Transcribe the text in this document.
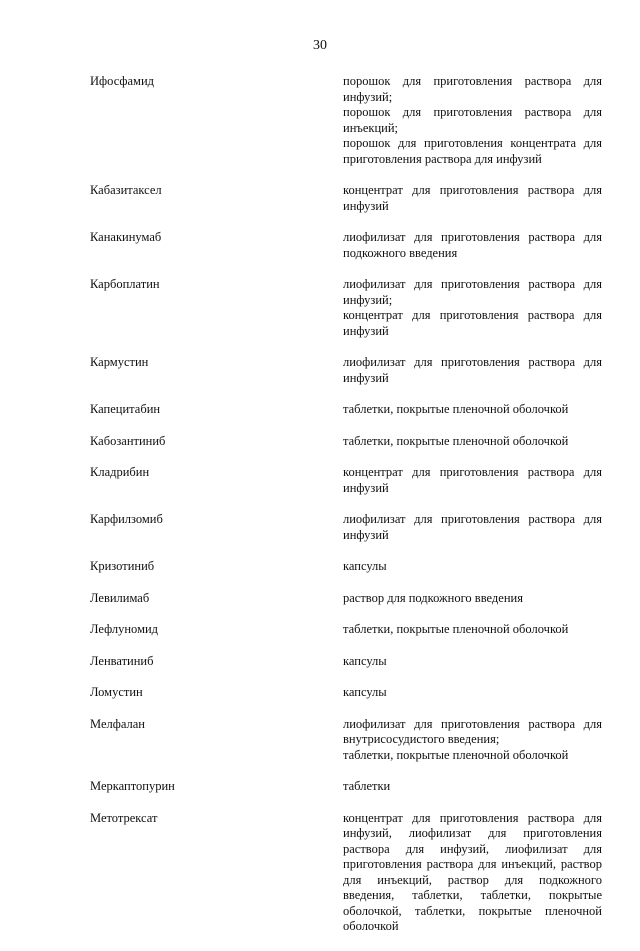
30
Ифосфамид	порошок для приготовления раствора для инфузий;
порошок для приготовления раствора для инъекций;
порошок для приготовления концентрата для приготовления раствора для инфузий
Кабазитаксел	концентрат для приготовления раствора для инфузий
Канакинумаб	лиофилизат для приготовления раствора для подкожного введения
Карбоплатин	лиофилизат для приготовления раствора для инфузий;
концентрат для приготовления раствора для инфузий
Кармустин	лиофилизат для приготовления раствора для инфузий
Капецитабин	таблетки, покрытые пленочной оболочкой
Кабозантиниб	таблетки, покрытые пленочной оболочкой
Кладрибин	концентрат для приготовления раствора для инфузий
Карфилзомиб	лиофилизат для приготовления раствора для инфузий
Кризотиниб	капсулы
Левилимаб	раствор для подкожного введения
Лефлуномид	таблетки, покрытые пленочной оболочкой
Ленватиниб	капсулы
Ломустин	капсулы
Мелфалан	лиофилизат для приготовления раствора для внутрисосудистого введения;
таблетки, покрытые пленочной оболочкой
Меркаптопурин	таблетки
Метотрексат	концентрат для приготовления раствора для инфузий, лиофилизат для приготовления раствора для инфузий, лиофилизат для приготовления раствора для инъекций, раствор для инъекций, раствор для подкожного введения, таблетки, таблетки, покрытые оболочкой, таблетки, покрытые пленочной оболочкой
